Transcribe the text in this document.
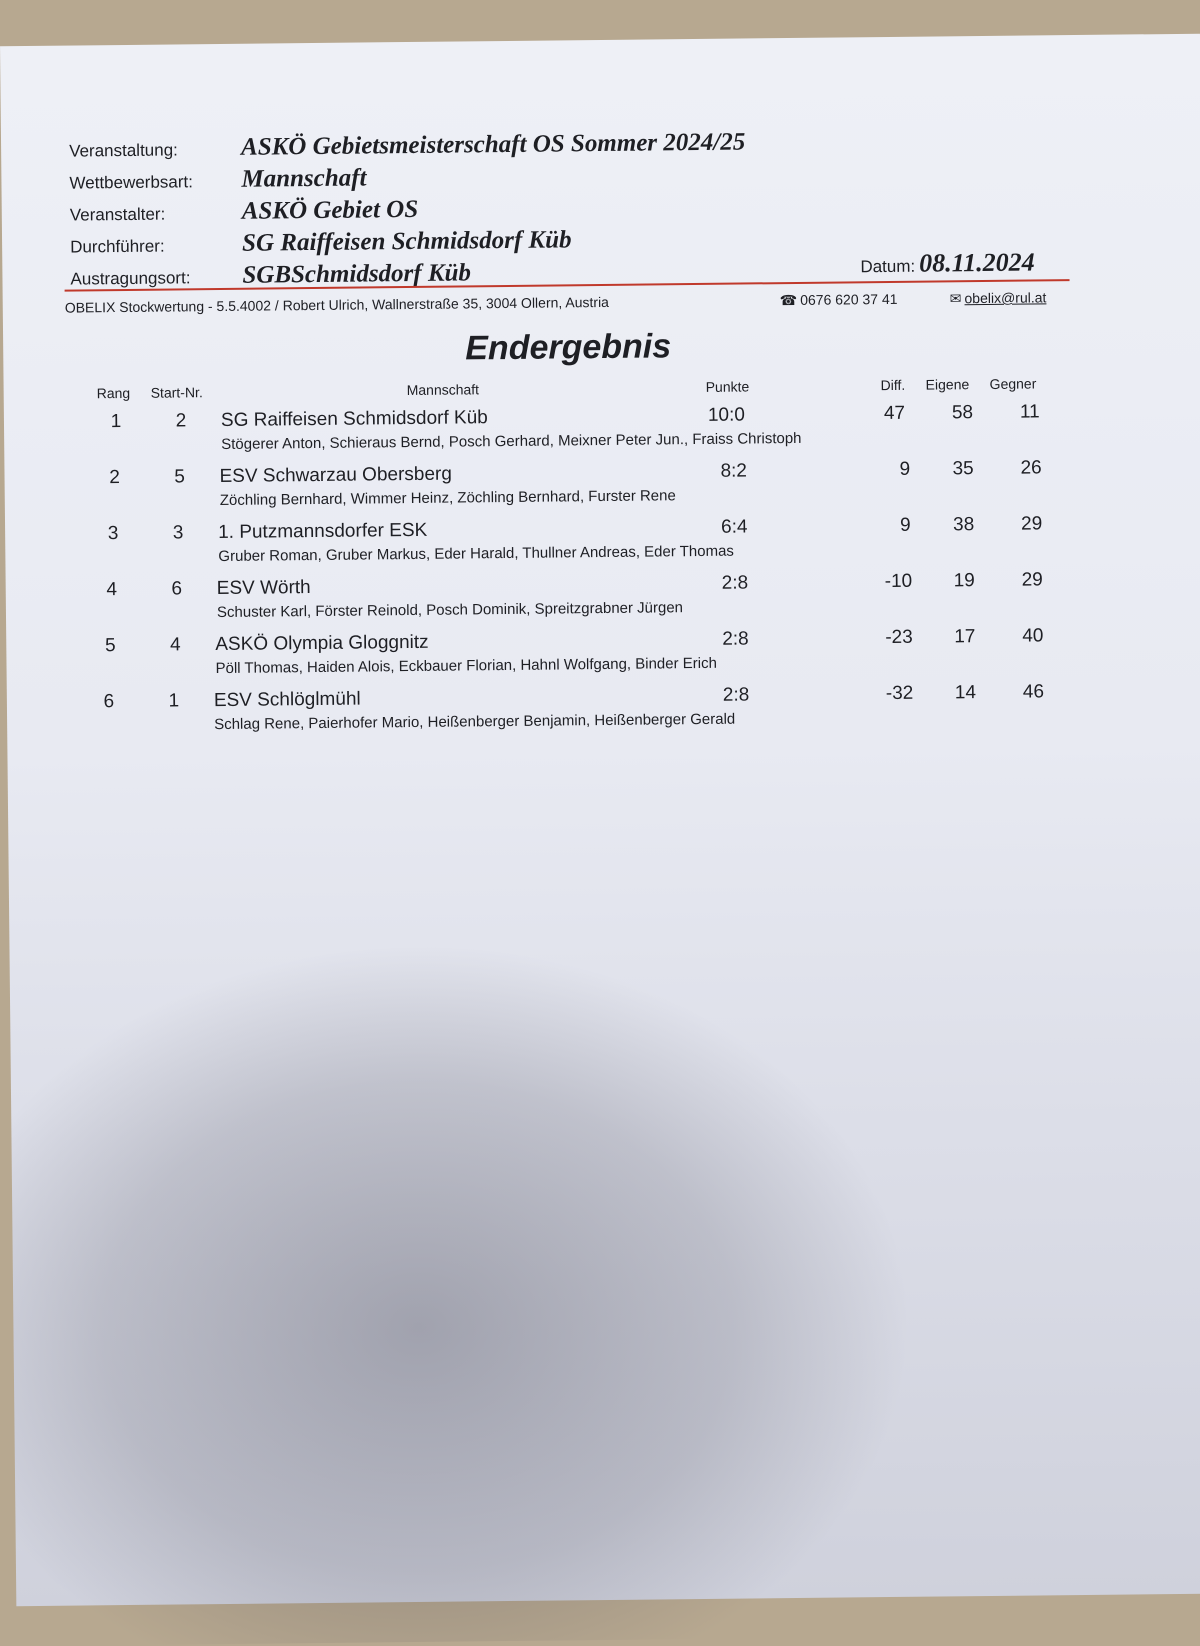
Veranstaltung:	ASKÖ Gebietsmeisterschaft OS Sommer 2024/25
Wettbewerbsart:	Mannschaft
Veranstalter:	ASKÖ Gebiet OS
Durchführer:	SG Raiffeisen Schmidsdorf Küb
Austragungsort:	SGBSchmidsdorf Küb	Datum: 08.11.2024
OBELIX Stockwertung - 5.5.4002 / Robert Ulrich, Wallnerstraße 35, 3004 Ollern, Austria	☎ 0676 620 37 41	✉ obelix@rul.at
Endergebnis
Rang Start-Nr.	Mannschaft	Punkte	Diff. Eigene Gegner
1	2	SG Raiffeisen Schmidsdorf Küb	10:0	47 58 11
Stögerer Anton, Schieraus Bernd, Posch Gerhard, Meixner Peter Jun., Fraiss Christoph
2	5	ESV Schwarzau Obersberg	8:2	9 35 26
Zöchling Bernhard, Wimmer Heinz, Zöchling Bernhard, Furster Rene
3	3	1. Putzmannsdorfer ESK	6:4	9 38 29
Gruber Roman, Gruber Markus, Eder Harald, Thullner Andreas, Eder Thomas
4	6	ESV Wörth	2:8	-10 19 29
Schuster Karl, Förster Reinold, Posch Dominik, Spreitzgrabner Jürgen
5	4	ASKÖ Olympia Gloggnitz	2:8	-23 17 40
Pöll Thomas, Haiden Alois, Eckbauer Florian, Hahnl Wolfgang, Binder Erich
6	1	ESV Schlöglmühl	2:8	-32 14 46
Schlag Rene, Paierhofer Mario, Heißenberger Benjamin, Heißenberger Gerald
